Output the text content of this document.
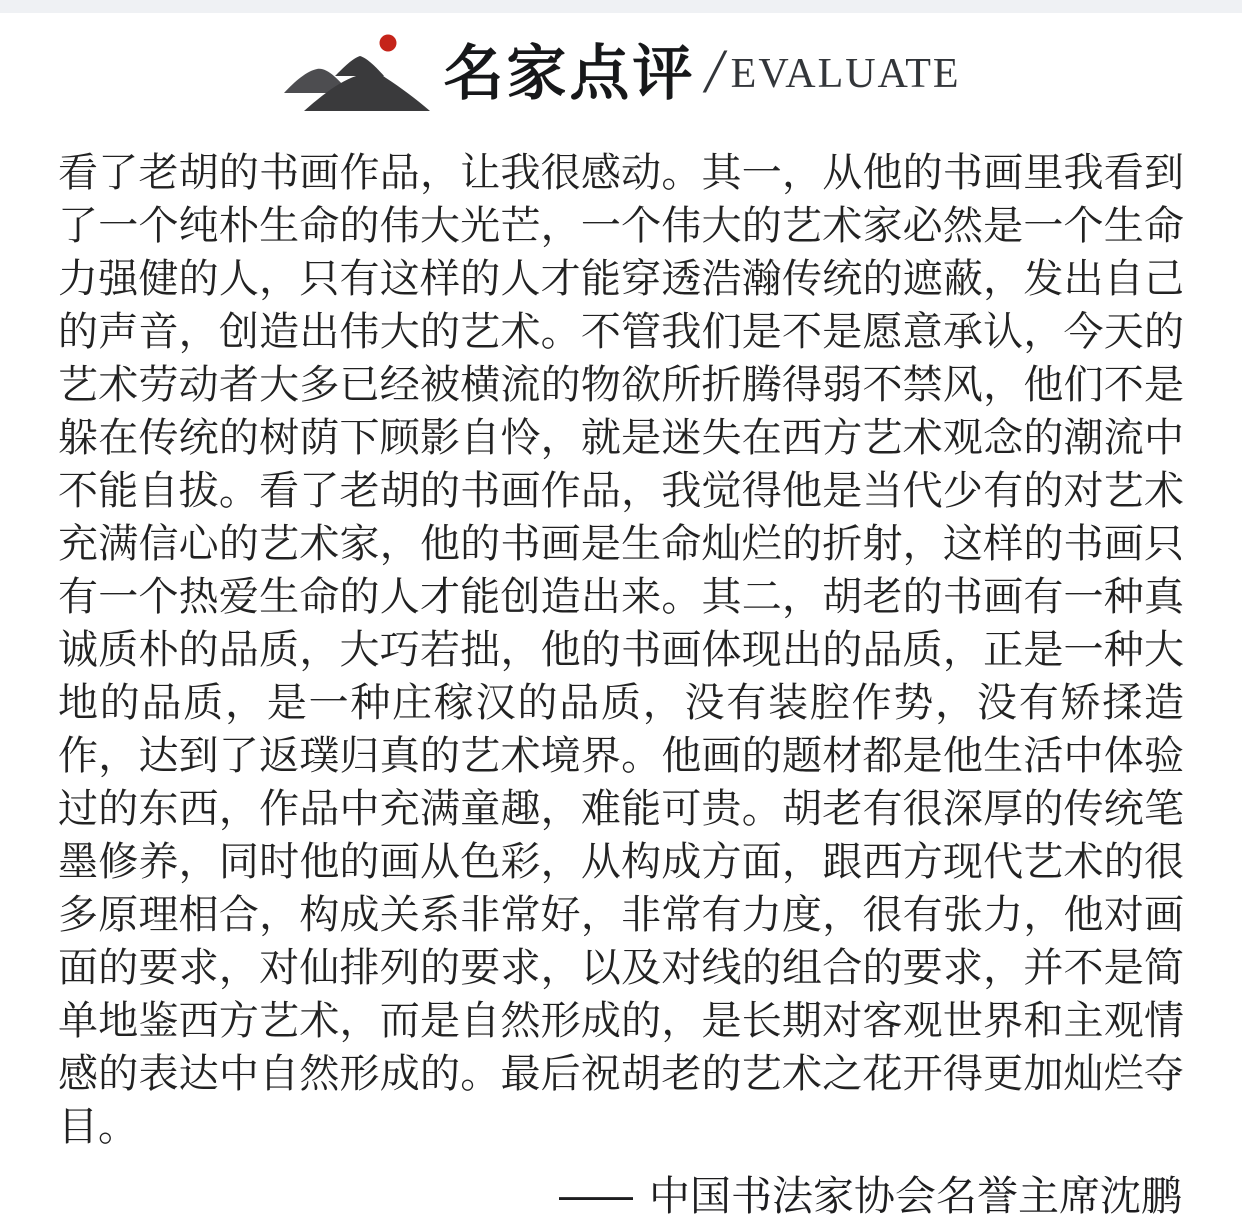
名家点评 / EVALUATE
看了老胡的书画作品，让我很感动。其一，从他的书画里我看到
了一个纯朴生命的伟大光芒，一个伟大的艺术家必然是一个生命
力强健的人，只有这样的人才能穿透浩瀚传统的遮蔽，发出自己
的声音，创造出伟大的艺术。不管我们是不是愿意承认，今天的
艺术劳动者大多已经被横流的物欲所折腾得弱不禁风，他们不是
躲在传统的树荫下顾影自怜，就是迷失在西方艺术观念的潮流中
不能自拔。看了老胡的书画作品，我觉得他是当代少有的对艺术
充满信心的艺术家，他的书画是生命灿烂的折射，这样的书画只
有一个热爱生命的人才能创造出来。其二，胡老的书画有一种真
诚质朴的品质，大巧若拙，他的书画体现出的品质，正是一种大
地的品质，是一种庄稼汉的品质，没有装腔作势，没有矫揉造
作，达到了返璞归真的艺术境界。他画的题材都是他生活中体验
过的东西，作品中充满童趣，难能可贵。胡老有很深厚的传统笔
墨修养，同时他的画从色彩，从构成方面，跟西方现代艺术的很
多原理相合，构成关系非常好，非常有力度，很有张力，他对画
面的要求，对仙排列的要求，以及对线的组合的要求，并不是简
单地鉴西方艺术，而是自然形成的，是长期对客观世界和主观情
感的表达中自然形成的。最后祝胡老的艺术之花开得更加灿烂夺
目。
—— 中国书法家协会名誉主席沈鹏
